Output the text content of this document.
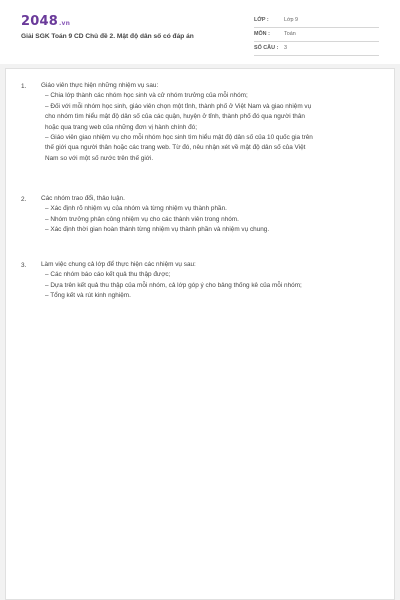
2048.vn
Giải SGK Toán 9 CD Chủ đề 2. Mật độ dân số có đáp án
LỚP :	Lớp 9
MÔN :	Toán
SỐ CÂU : 3
1. Giáo viên thực hiện những nhiệm vụ sau:
– Chia lớp thành các nhóm học sinh và cử nhóm trưởng của mỗi nhóm;
– Đối với mỗi nhóm học sinh, giáo viên chọn một tỉnh, thành phố ở Việt Nam và giao nhiệm vụ
cho nhóm tìm hiểu mật độ dân số của các quận, huyện ở tỉnh, thành phố đó qua người thân
hoặc qua trang web của những đơn vị hành chính đó;
– Giáo viên giao nhiệm vụ cho mỗi nhóm học sinh tìm hiểu mật độ dân số của 10 quốc gia trên
thế giới qua người thân hoặc các trang web. Từ đó, nêu nhận xét về mật độ dân số của Việt
Nam so với một số nước trên thế giới.
2. Các nhóm trao đổi, thảo luận.
– Xác định rõ nhiệm vụ của nhóm và từng nhiệm vụ thành phần.
– Nhóm trưởng phân công nhiệm vụ cho các thành viên trong nhóm.
– Xác định thời gian hoàn thành từng nhiệm vụ thành phần và nhiệm vụ chung.
3. Làm việc chung cả lớp để thực hiện các nhiệm vụ sau:
– Các nhóm báo cáo kết quả thu thập được;
– Dựa trên kết quả thu thập của mỗi nhóm, cả lớp góp ý cho bảng thống kê của mỗi nhóm;
– Tổng kết và rút kinh nghiệm.
